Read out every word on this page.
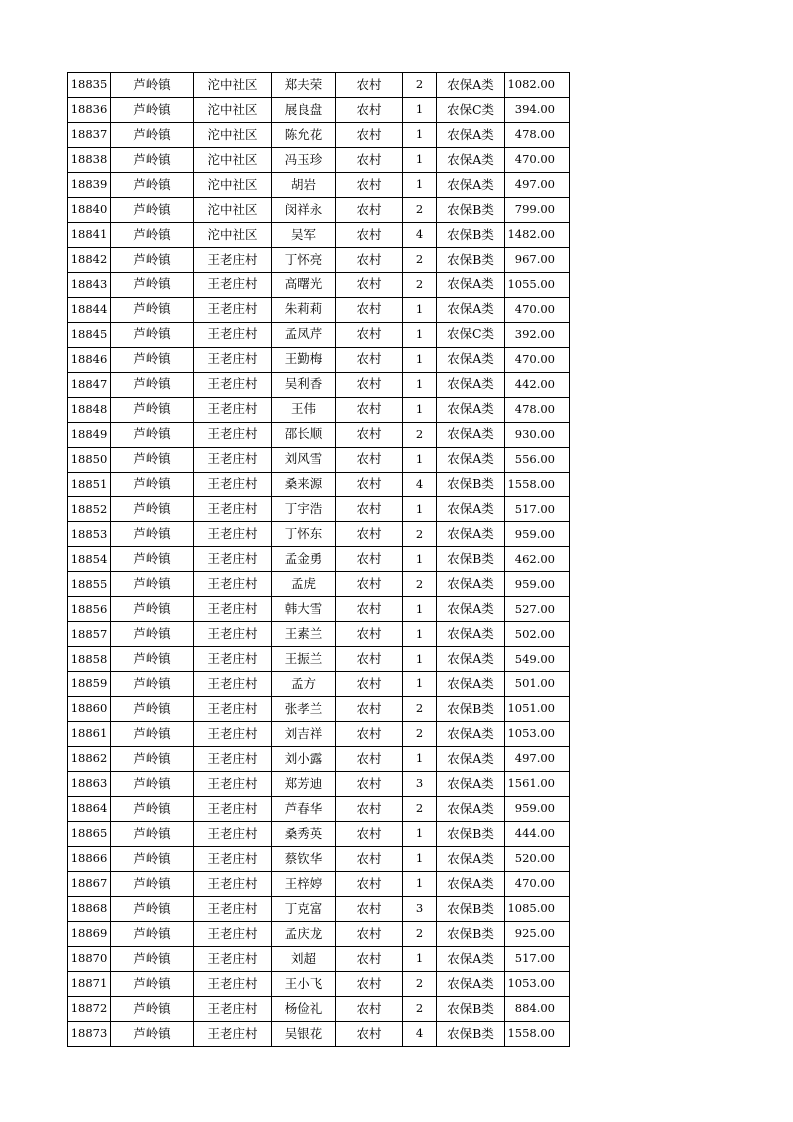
18835	芦岭镇	沱中社区	郑夫荣	农村	2	农保A类	1082.00
18836	芦岭镇	沱中社区	展良盘	农村	1	农保C类	394.00
18837	芦岭镇	沱中社区	陈允花	农村	1	农保A类	478.00
18838	芦岭镇	沱中社区	冯玉珍	农村	1	农保A类	470.00
18839	芦岭镇	沱中社区	胡岩	农村	1	农保A类	497.00
18840	芦岭镇	沱中社区	闵祥永	农村	2	农保B类	799.00
18841	芦岭镇	沱中社区	吴军	农村	4	农保B类	1482.00
18842	芦岭镇	王老庄村	丁怀亮	农村	2	农保B类	967.00
18843	芦岭镇	王老庄村	高曙光	农村	2	农保A类	1055.00
18844	芦岭镇	王老庄村	朱莉莉	农村	1	农保A类	470.00
18845	芦岭镇	王老庄村	孟凤芹	农村	1	农保C类	392.00
18846	芦岭镇	王老庄村	王勤梅	农村	1	农保A类	470.00
18847	芦岭镇	王老庄村	吴利香	农村	1	农保A类	442.00
18848	芦岭镇	王老庄村	王伟	农村	1	农保A类	478.00
18849	芦岭镇	王老庄村	邵长顺	农村	2	农保A类	930.00
18850	芦岭镇	王老庄村	刘风雪	农村	1	农保A类	556.00
18851	芦岭镇	王老庄村	桑来源	农村	4	农保B类	1558.00
18852	芦岭镇	王老庄村	丁宇浩	农村	1	农保A类	517.00
18853	芦岭镇	王老庄村	丁怀东	农村	2	农保A类	959.00
18854	芦岭镇	王老庄村	孟金勇	农村	1	农保B类	462.00
18855	芦岭镇	王老庄村	孟虎	农村	2	农保A类	959.00
18856	芦岭镇	王老庄村	韩大雪	农村	1	农保A类	527.00
18857	芦岭镇	王老庄村	王素兰	农村	1	农保A类	502.00
18858	芦岭镇	王老庄村	王振兰	农村	1	农保A类	549.00
18859	芦岭镇	王老庄村	孟方	农村	1	农保A类	501.00
18860	芦岭镇	王老庄村	张孝兰	农村	2	农保B类	1051.00
18861	芦岭镇	王老庄村	刘吉祥	农村	2	农保A类	1053.00
18862	芦岭镇	王老庄村	刘小露	农村	1	农保A类	497.00
18863	芦岭镇	王老庄村	郑芳迪	农村	3	农保A类	1561.00
18864	芦岭镇	王老庄村	芦春华	农村	2	农保A类	959.00
18865	芦岭镇	王老庄村	桑秀英	农村	1	农保B类	444.00
18866	芦岭镇	王老庄村	蔡钦华	农村	1	农保A类	520.00
18867	芦岭镇	王老庄村	王梓婷	农村	1	农保A类	470.00
18868	芦岭镇	王老庄村	丁克富	农村	3	农保B类	1085.00
18869	芦岭镇	王老庄村	孟庆龙	农村	2	农保B类	925.00
18870	芦岭镇	王老庄村	刘超	农村	1	农保A类	517.00
18871	芦岭镇	王老庄村	王小飞	农村	2	农保A类	1053.00
18872	芦岭镇	王老庄村	杨俭礼	农村	2	农保B类	884.00
18873	芦岭镇	王老庄村	吴银花	农村	4	农保B类	1558.00
